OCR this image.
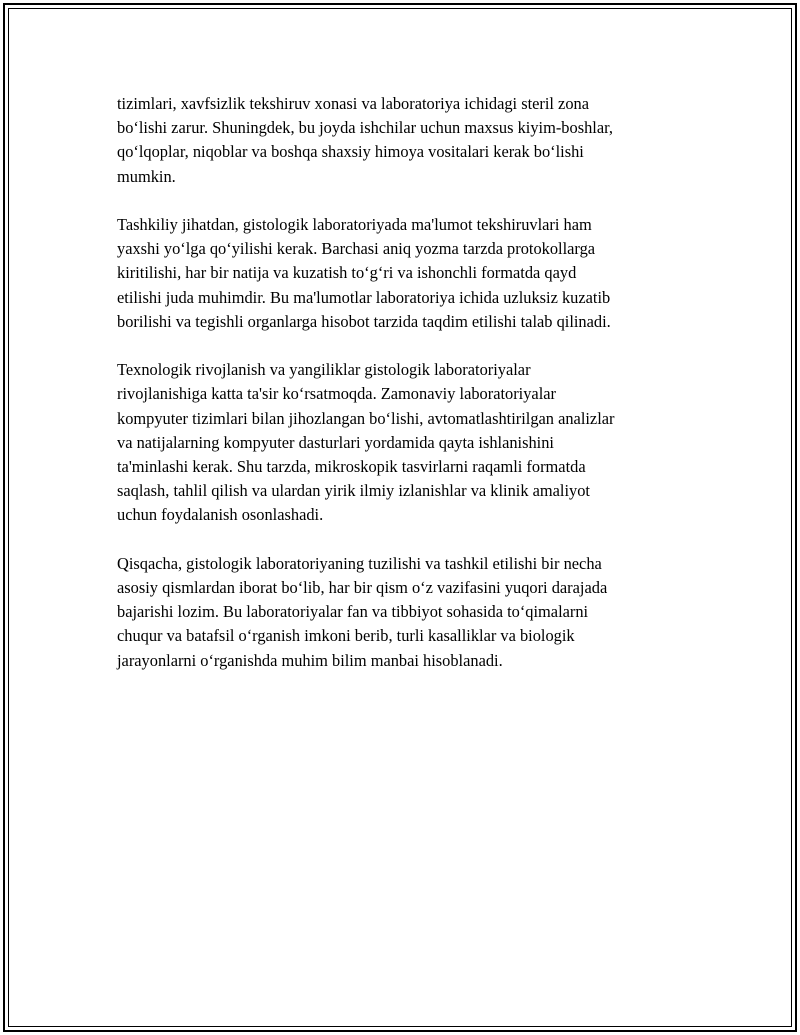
tizimlari, xavfsizlik tekshiruv xonasi va laboratoriya ichidagi steril zona
bo‘lishi zarur. Shuningdek, bu joyda ishchilar uchun maxsus kiyim-boshlar,
qo‘lqoplar, niqoblar va boshqa shaxsiy himoya vositalari kerak bo‘lishi
mumkin.

Tashkiliy jihatdan, gistologik laboratoriyada ma'lumot tekshiruvlari ham
yaxshi yo‘lga qo‘yilishi kerak. Barchasi aniq yozma tarzda protokollarga
kiritilishi, har bir natija va kuzatish to‘g‘ri va ishonchli formatda qayd
etilishi juda muhimdir. Bu ma'lumotlar laboratoriya ichida uzluksiz kuzatib
borilishi va tegishli organlarga hisobot tarzida taqdim etilishi talab qilinadi.

Texnologik rivojlanish va yangiliklar gistologik laboratoriyalar
rivojlanishiga katta ta'sir ko‘rsatmoqda. Zamonaviy laboratoriyalar
kompyuter tizimlari bilan jihozlangan bo‘lishi, avtomatlashtirilgan analizlar
va natijalarning kompyuter dasturlari yordamida qayta ishlanishini
ta'minlashi kerak. Shu tarzda, mikroskopik tasvirlarni raqamli formatda
saqlash, tahlil qilish va ulardan yirik ilmiy izlanishlar va klinik amaliyot
uchun foydalanish osonlashadi.

Qisqacha, gistologik laboratoriyaning tuzilishi va tashkil etilishi bir necha
asosiy qismlardan iborat bo‘lib, har bir qism o‘z vazifasini yuqori darajada
bajarishi lozim. Bu laboratoriyalar fan va tibbiyot sohasida to‘qimalarni
chuqur va batafsil o‘rganish imkoni berib, turli kasalliklar va biologik
jarayonlarni o‘rganishda muhim bilim manbai hisoblanadi.
